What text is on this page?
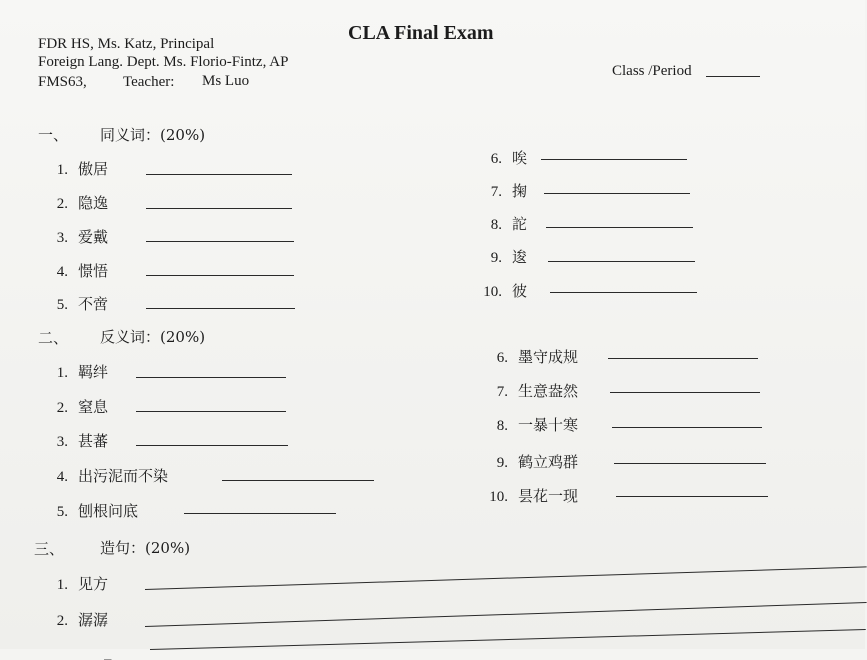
FDR HS, Ms. Katz, Principal
Foreign Lang. Dept. Ms. Florio-Fintz, AP
FMS63, Teacher: Ms Luo
CLA Final Exam
Class /Period
一、 同义词：(20%)
1. 傲居
2. 隐逸
3. 爱戴
4. 憬悟
5. 不啻
6. 唉
7. 掬
8. 詑
9. 逡
10. 彼
二、 反义词：(20%)
1. 羁绊
2. 窒息
3. 甚蕃
4. 出污泥而不染
5. 刨根问底
6. 墨守成规
7. 生意盎然
8. 一暴十寒
9. 鹤立鸡群
10. 昙花一现
三、 造句：(20%)
1. 见方
2. 潺潺
_
